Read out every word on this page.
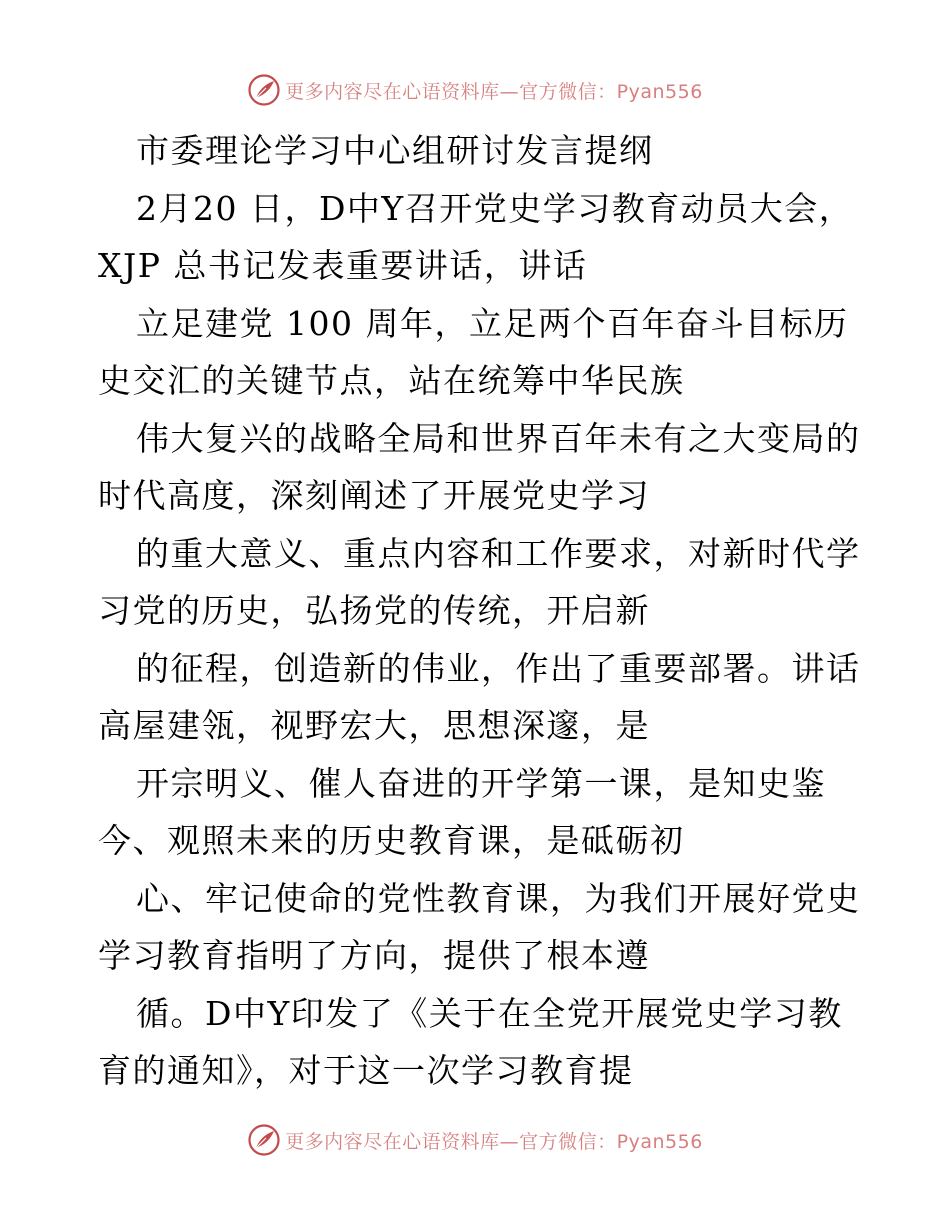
更多内容尽在心语资料库—官方微信：Pyan556
市委理论学习中心组研讨发言提纲
2月20 日，D中Y召开党史学习教育动员大会，
XJP 总书记发表重要讲话，讲话
立足建党 100 周年，立足两个百年奋斗目标历
史交汇的关键节点，站在统筹中华民族
伟大复兴的战略全局和世界百年未有之大变局的
时代高度，深刻阐述了开展党史学习
的重大意义、重点内容和工作要求，对新时代学
习党的历史，弘扬党的传统，开启新
的征程，创造新的伟业，作出了重要部署。讲话
高屋建瓴，视野宏大，思想深邃，是
开宗明义、催人奋进的开学第一课，是知史鉴
今、观照未来的历史教育课，是砥砺初
心、牢记使命的党性教育课，为我们开展好党史
学习教育指明了方向，提供了根本遵
循。D中Y印发了《关于在全党开展党史学习教
育的通知》，对于这一次学习教育提
更多内容尽在心语资料库—官方微信：Pyan556
